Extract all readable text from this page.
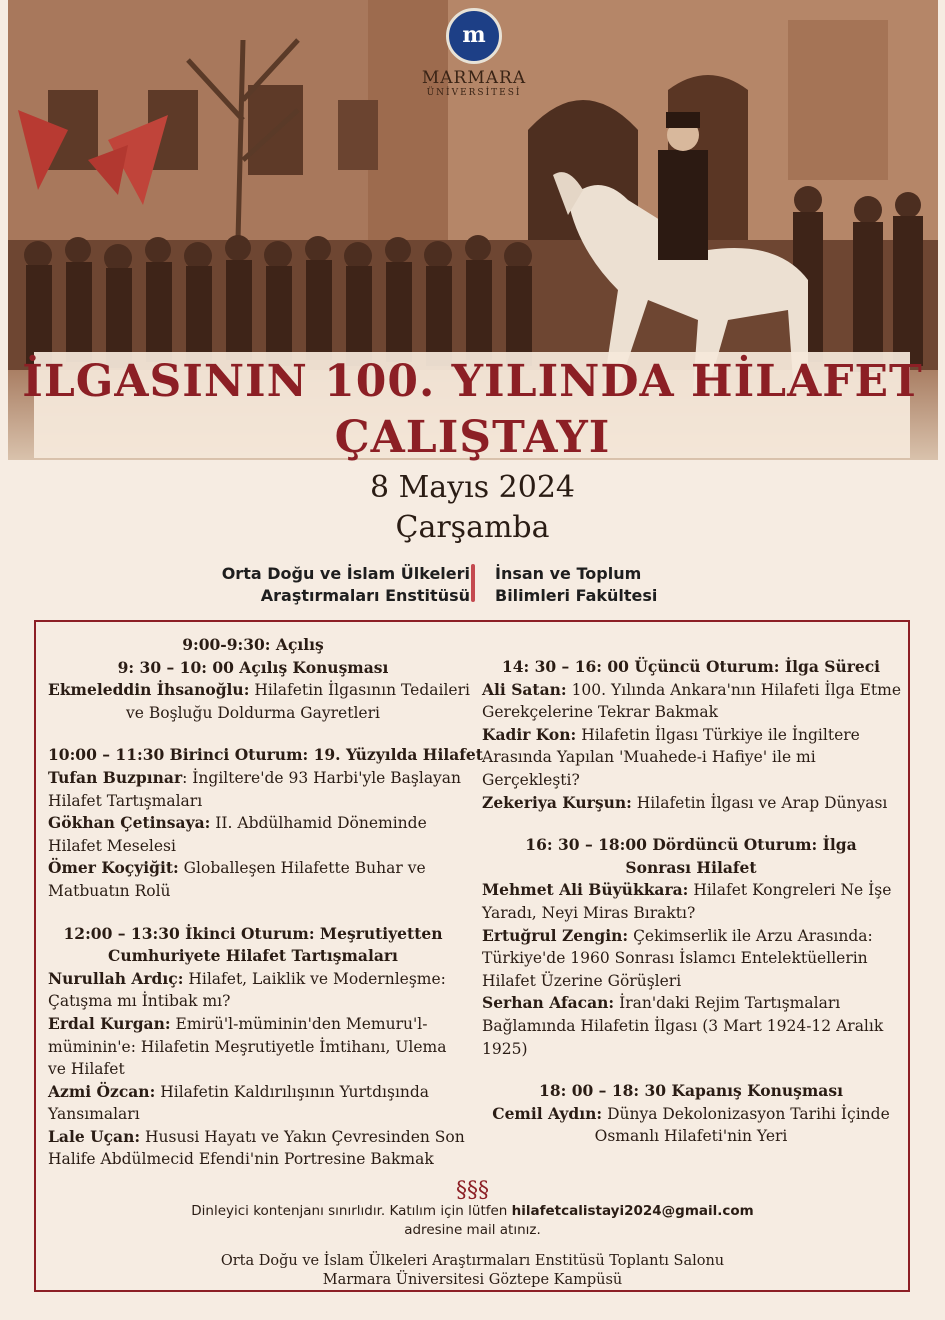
m
MARMARA
ÜNİVERSİTESİ
İLGASININ 100. YILINDA HİLAFET
ÇALIŞTAYI
8 Mayıs 2024
Çarşamba
Orta Doğu ve İslam Ülkeleri
Araştırmaları Enstitüsü
İnsan ve Toplum
Bilimleri Fakültesi
9:00-9:30: Açılış
9: 30 – 10: 00 Açılış Konuşması
Ekmeleddin İhsanoğlu: Hilafetin İlgasının Tedaileri
ve Boşluğu Doldurma Gayretleri
10:00 – 11:30 Birinci Oturum: 19. Yüzyılda Hilafet
Tufan Buzpınar: İngiltere'de 93 Harbi'yle Başlayan
Hilafet Tartışmaları
Gökhan Çetinsaya: II. Abdülhamid Döneminde
Hilafet Meselesi
Ömer Koçyiğit: Globalleşen Hilafette Buhar ve
Matbuatın Rolü
12:00 – 13:30 İkinci Oturum: Meşrutiyetten
Cumhuriyete Hilafet Tartışmaları
Nurullah Ardıç: Hilafet, Laiklik ve Modernleşme:
Çatışma mı İntibak mı?
Erdal Kurgan: Emirü'l-müminin'den Memuru'l-
müminin'e: Hilafetin Meşrutiyetle İmtihanı, Ulema
ve Hilafet
Azmi Özcan: Hilafetin Kaldırılışının Yurtdışında
Yansımaları
Lale Uçan: Hususi Hayatı ve Yakın Çevresinden Son
Halife Abdülmecid Efendi'nin Portresine Bakmak
14: 30 – 16: 00 Üçüncü Oturum: İlga Süreci
Ali Satan: 100. Yılında Ankara'nın Hilafeti İlga Etme
Gerekçelerine Tekrar Bakmak
Kadir Kon: Hilafetin İlgası Türkiye ile İngiltere
Arasında Yapılan 'Muahede-i Hafiye' ile mi
Gerçekleşti?
Zekeriya Kurşun: Hilafetin İlgası ve Arap Dünyası
16: 30 – 18:00 Dördüncü Oturum: İlga
Sonrası Hilafet
Mehmet Ali Büyükkara: Hilafet Kongreleri Ne İşe
Yaradı, Neyi Miras Bıraktı?
Ertuğrul Zengin: Çekimserlik ile Arzu Arasında:
Türkiye'de 1960 Sonrası İslamcı Entelektüellerin
Hilafet Üzerine Görüşleri
Serhan Afacan: İran'daki Rejim Tartışmaları
Bağlamında Hilafetin İlgası (3 Mart 1924-12 Aralık
1925)
18: 00 – 18: 30 Kapanış Konuşması
Cemil Aydın: Dünya Dekolonizasyon Tarihi İçinde
Osmanlı Hilafeti'nin Yeri
§§§
Dinleyici kontenjanı sınırlıdır. Katılım için lütfen hilafetcalistayi2024@gmail.com
adresine mail atınız.
Orta Doğu ve İslam Ülkeleri Araştırmaları Enstitüsü Toplantı Salonu
Marmara Üniversitesi Göztepe Kampüsü
